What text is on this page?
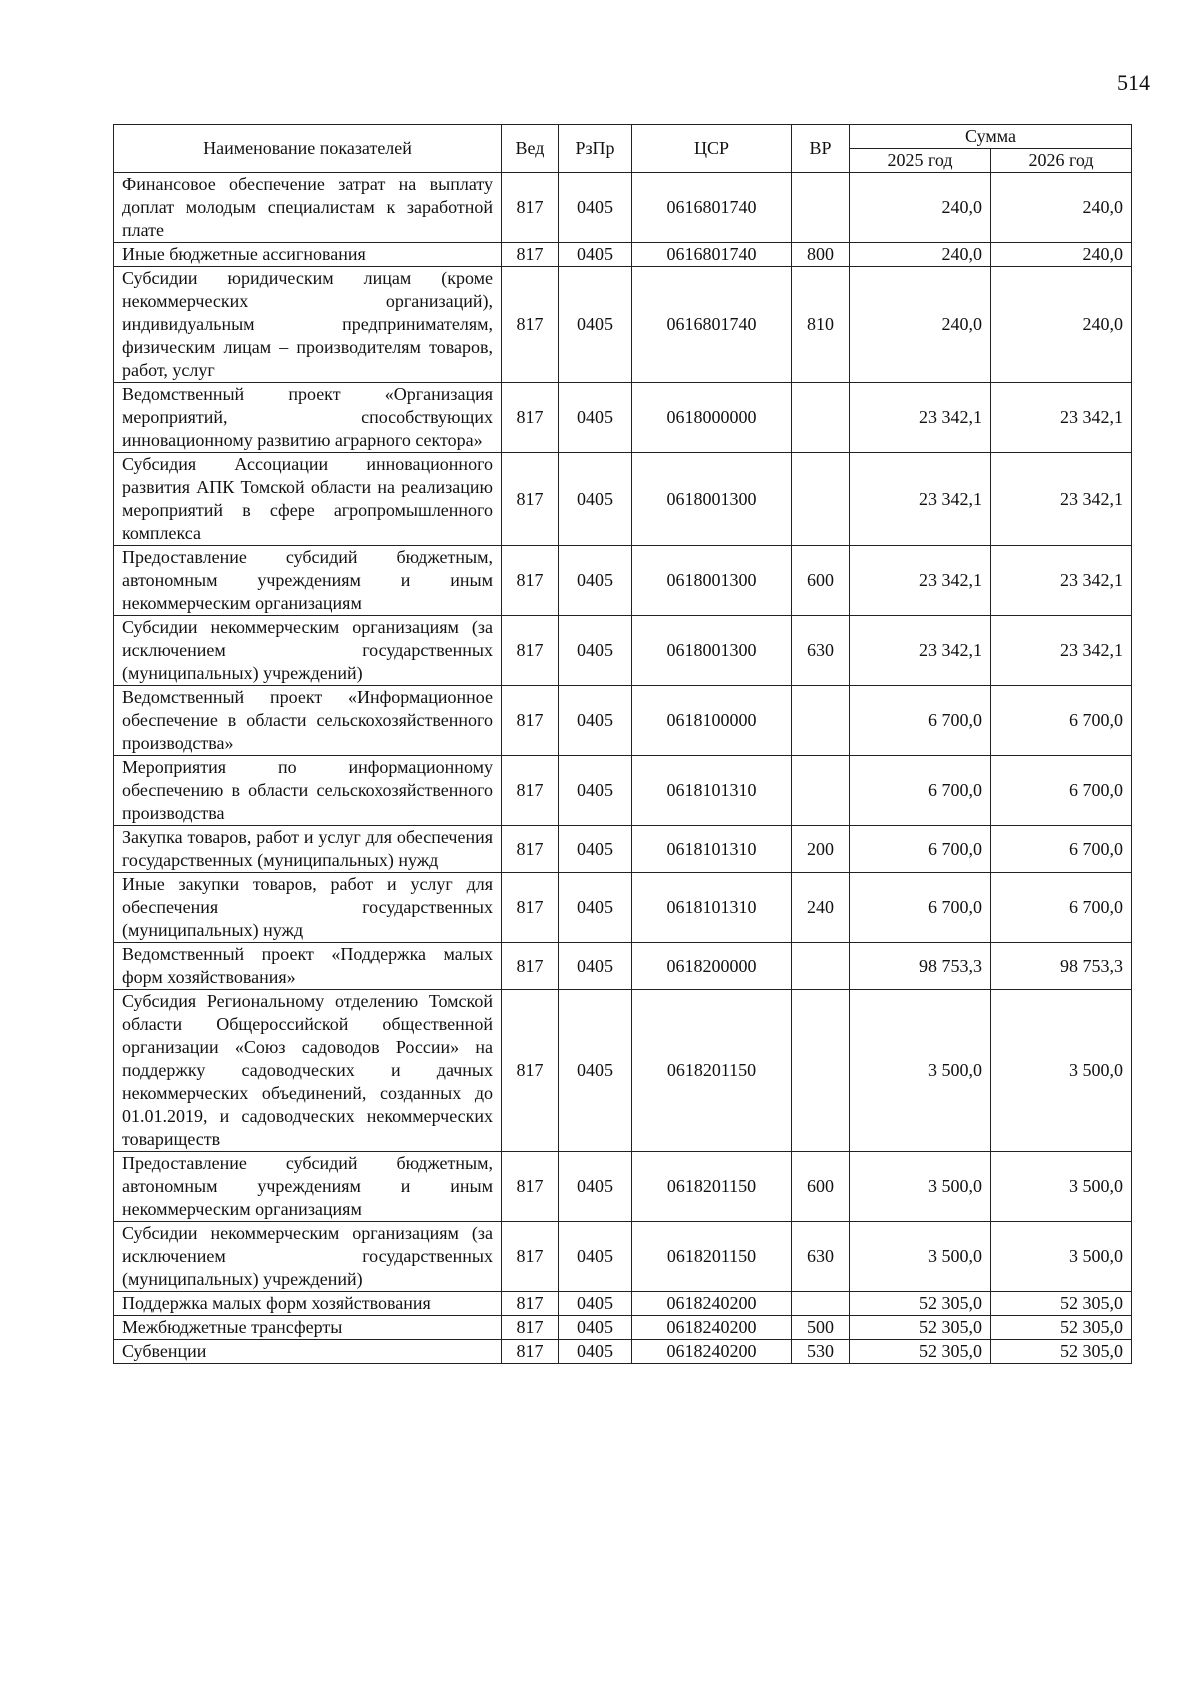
514
Наименование показателей	Вед	РзПр	ЦСР	ВР	Сумма	
					2025 год	2026 год
Финансовое обеспечение затрат на выплату доплат молодым специалистам к заработной плате	817	0405	0616801740		240,0	240,0
Иные бюджетные ассигнования	817	0405	0616801740	800	240,0	240,0
Субсидии юридическим лицам (кроме некоммерческих организаций), индивидуальным предпринимателям, физическим лицам – производителям товаров, работ, услуг	817	0405	0616801740	810	240,0	240,0
Ведомственный проект «Организация мероприятий, способствующих инновационному развитию аграрного сектора»	817	0405	0618000000		23 342,1	23 342,1
Субсидия Ассоциации инновационного развития АПК Томской области на реализацию мероприятий в сфере агропромышленного комплекса	817	0405	0618001300		23 342,1	23 342,1
Предоставление субсидий бюджетным, автономным учреждениям и иным некоммерческим организациям	817	0405	0618001300	600	23 342,1	23 342,1
Субсидии некоммерческим организациям (за исключением государственных (муниципальных) учреждений)	817	0405	0618001300	630	23 342,1	23 342,1
Ведомственный проект «Информационное обеспечение в области сельскохозяйственного производства»	817	0405	0618100000		6 700,0	6 700,0
Мероприятия по информационному обеспечению в области сельскохозяйственного производства	817	0405	0618101310		6 700,0	6 700,0
Закупка товаров, работ и услуг для обеспечения государственных (муниципальных) нужд	817	0405	0618101310	200	6 700,0	6 700,0
Иные закупки товаров, работ и услуг для обеспечения государственных (муниципальных) нужд	817	0405	0618101310	240	6 700,0	6 700,0
Ведомственный проект «Поддержка малых форм хозяйствования»	817	0405	0618200000		98 753,3	98 753,3
Субсидия Региональному отделению Томской области Общероссийской общественной организации «Союз садоводов России» на поддержку садоводческих и дачных некоммерческих объединений, созданных до 01.01.2019, и садоводческих некоммерческих товариществ	817	0405	0618201150		3 500,0	3 500,0
Предоставление субсидий бюджетным, автономным учреждениям и иным некоммерческим организациям	817	0405	0618201150	600	3 500,0	3 500,0
Субсидии некоммерческим организациям (за исключением государственных (муниципальных) учреждений)	817	0405	0618201150	630	3 500,0	3 500,0
Поддержка малых форм хозяйствования	817	0405	0618240200		52 305,0	52 305,0
Межбюджетные трансферты	817	0405	0618240200	500	52 305,0	52 305,0
Субвенции	817	0405	0618240200	530	52 305,0	52 305,0
